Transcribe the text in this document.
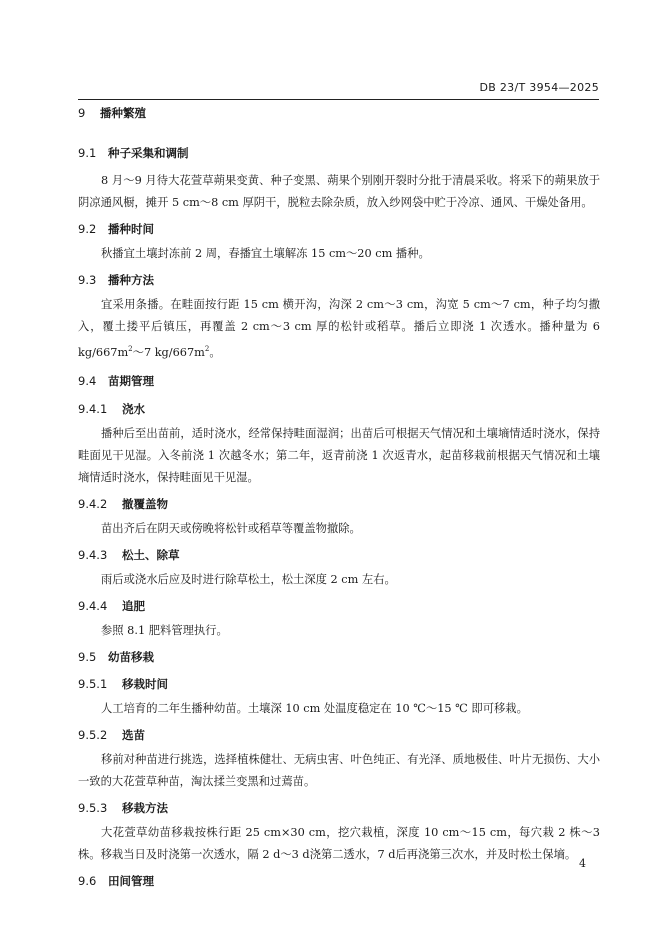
DB 23/T 3954—2025
9 播种繁殖
9.1 种子采集和调制

8 月～9 月待大花萱草蒴果变黄、种子变黑、蒴果个别刚开裂时分批于清晨采收。将采下的蒴果放于阴凉通风橱，摊开 5 cm～8 cm 厚阴干，脱粒去除杂质，放入纱网袋中贮于冷凉、通风、干燥处备用。

9.2 播种时间

秋播宜土壤封冻前 2 周，春播宜土壤解冻 15 cm～20 cm 播种。

9.3 播种方法

宜采用条播。在畦面按行距 15 cm 横开沟，沟深 2 cm～3 cm，沟宽 5 cm～7 cm，种子均匀撒入，覆土搂平后镇压，再覆盖 2 cm～3 cm 厚的松针或稻草。播后立即浇 1 次透水。播种量为 6 $kg/667m^2\sim 7$ $kg/667m^2$。

9.4 苗期管理
9.4.1 浇水

播种后至出苗前，适时浇水，经常保持畦面湿润；出苗后可根据天气情况和土壤墒情适时浇水，保持畦面见干见湿。入冬前浇 1 次越冬水；第二年，返青前浇 1 次返青水，起苗移栽前根据天气情况和土壤墒情适时浇水，保持畦面见干见湿。

9.4.2 撤覆盖物

苗出齐后在阴天或傍晚将松针或稻草等覆盖物撤除。

9.4.3 松土、除草

雨后或浇水后应及时进行除草松土，松土深度 2 cm 左右。

9.4.4 追肥

参照 8.1 肥料管理执行。

9.5 幼苗移栽
9.5.1 移栽时间

人工培育的二年生播种幼苗。土壤深 10 cm 处温度稳定在 10 ℃～15 ℃ 即可移栽。

9.5.2 选苗

移前对种苗进行挑选，选择植株健壮、无病虫害、叶色纯正、有光泽、质地极佳、叶片无损伤、大小一致的大花萱草种苗，淘汰揉兰变黑和过蔫苗。

9.5.3 移栽方法

大花萱草幼苗移栽按株行距 25 cm×30 cm，挖穴栽植，深度 10 cm～15 cm，每穴栽 2 株～3 株。移栽当日及时浇第一次透水，隔 2 d～3 d浇第二透水，7 d后再浇第三次水，并及时松土保墒。

9.6 田间管理
4
